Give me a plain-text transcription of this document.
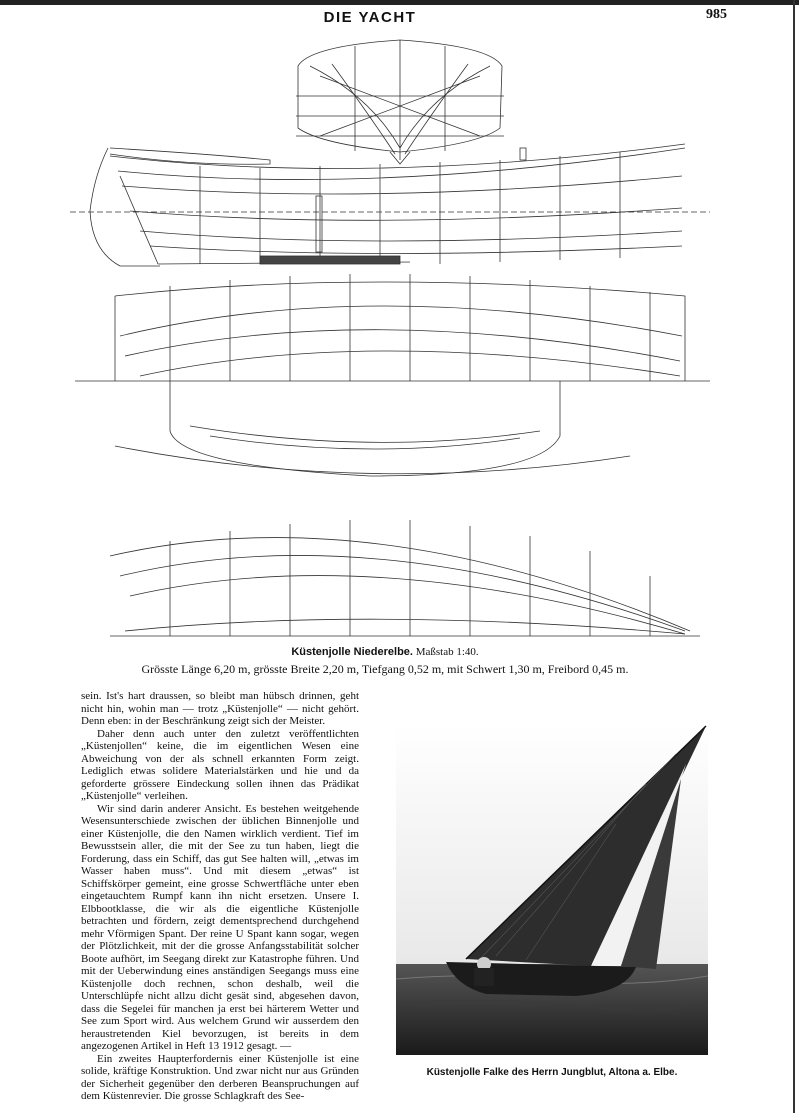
DIE YACHT	985
Küstenjolle Niederelbe. Maßstab 1:40.
Grösste Länge 6,20 m, grösste Breite 2,20 m, Tiefgang 0,52 m, mit Schwert 1,30 m, Freibord 0,45 m.

sein. Ist's hart draussen, so bleibt man hübsch drinnen, geht nicht hin, wohin man — trotz „Küstenjolle“ — nicht gehört. Denn eben: in der Beschränkung zeigt sich der Meister.

Daher denn auch unter den zuletzt veröffentlichten „Küstenjollen“ keine, die im eigentlichen Wesen eine Abweichung von der als schnell erkannten Form zeigt. Lediglich etwas solidere Materialstärken und hie und da geforderte grössere Eindeckung sollen ihnen das Prädikat „Küstenjolle“ verleihen.

Wir sind darin anderer Ansicht. Es bestehen weitgehende Wesensunterschiede zwischen der üblichen Binnenjolle und einer Küstenjolle, die den Namen wirklich verdient. Tief im Bewusstsein aller, die mit der See zu tun haben, liegt die Forderung, dass ein Schiff, das gut See halten will, „etwas im Wasser haben muss“. Und mit diesem „etwas“ ist Schiffskörper gemeint, eine grosse Schwertfläche unter eben eingetauchtem Rumpf kann ihn nicht ersetzen. Unsere I. Elbbootklasse, die wir als die eigentliche Küstenjolle betrachten und fördern, zeigt dementsprechend durchgehend mehr Vförmigen Spant. Der reine U Spant kann sogar, wegen der Plötzlichkeit, mit der die grosse Anfangsstabilität solcher Boote aufhört, im Seegang direkt zur Katastrophe führen. Und mit der Ueberwindung eines anständigen Seegangs muss eine Küstenjolle doch rechnen, schon deshalb, weil die Unterschlüpfe nicht allzu dicht gesät sind, abgesehen davon, dass die Segelei für manchen ja erst bei härterem Wetter und See zum Sport wird. Aus welchem Grund wir ausserdem den heraustretenden Kiel bevorzugen, ist bereits in dem angezogenen Artikel in Heft 13 1912 gesagt. —

Ein zweites Haupterfordernis einer Küstenjolle ist eine solide, kräftige Konstruktion. Und zwar nicht nur aus Gründen der Sicherheit gegenüber den derberen Beanspruchungen auf dem Küstenrevier. Die grosse Schlagkraft des See-

Küstenjolle Falke des Herrn Jungblut, Altona a. Elbe.
